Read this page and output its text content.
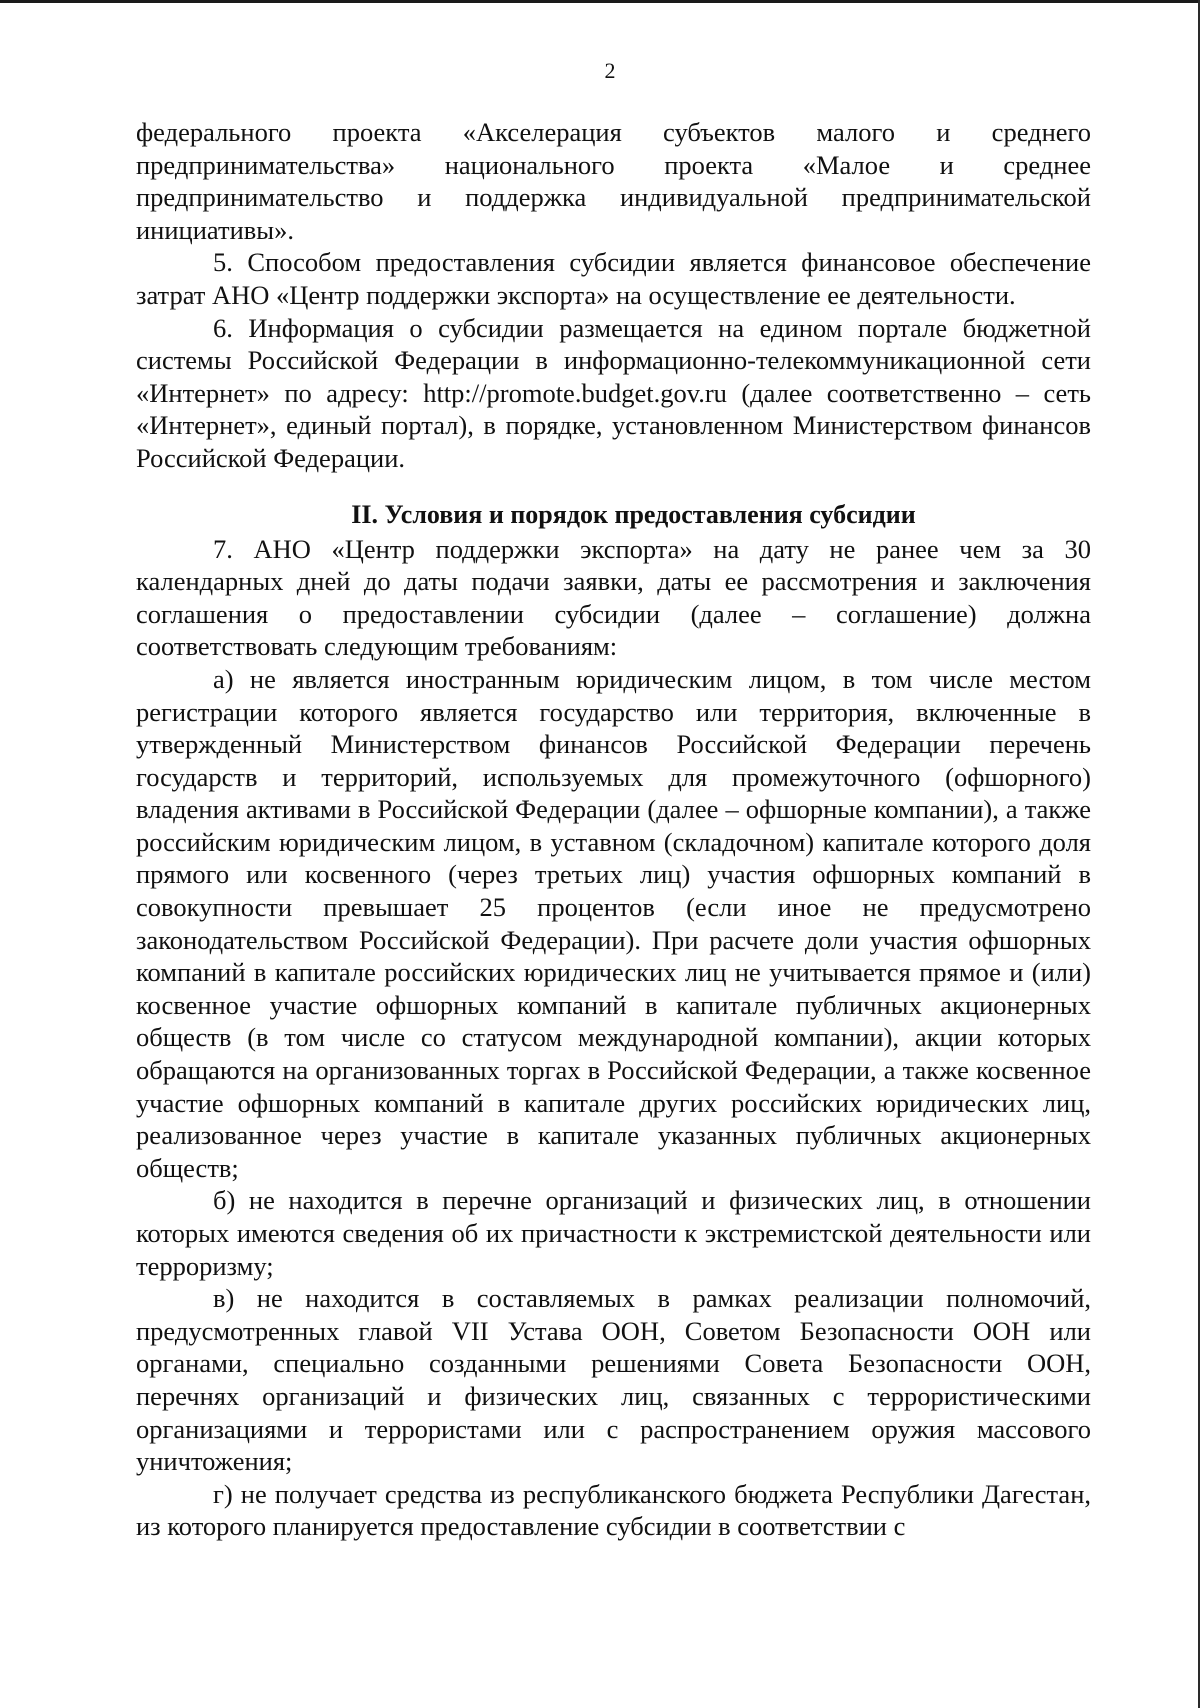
2

федерального проекта «Акселерация субъектов малого и среднего предпринимательства» национального проекта «Малое и среднее предпринимательство и поддержка индивидуальной предпринимательской инициативы».

5. Способом предоставления субсидии является финансовое обеспечение затрат АНО «Центр поддержки экспорта» на осуществление ее деятельности.

6. Информация о субсидии размещается на едином портале бюджетной системы Российской Федерации в информационно-телекоммуникационной сети «Интернет» по адресу: http://promote.budget.gov.ru (далее соответственно – сеть «Интернет», единый портал), в порядке, установленном Министерством финансов Российской Федерации.

II. Условия и порядок предоставления субсидии

7. АНО «Центр поддержки экспорта» на дату не ранее чем за 30 календарных дней до даты подачи заявки, даты ее рассмотрения и заключения соглашения о предоставлении субсидии (далее – соглашение) должна соответствовать следующим требованиям:

а) не является иностранным юридическим лицом, в том числе местом регистрации которого является государство или территория, включенные в утвержденный Министерством финансов Российской Федерации перечень государств и территорий, используемых для промежуточного (офшорного) владения активами в Российской Федерации (далее – офшорные компании), а также российским юридическим лицом, в уставном (складочном) капитале которого доля прямого или косвенного (через третьих лиц) участия офшорных компаний в совокупности превышает 25 процентов (если иное не предусмотрено законодательством Российской Федерации). При расчете доли участия офшорных компаний в капитале российских юридических лиц не учитывается прямое и (или) косвенное участие офшорных компаний в капитале публичных акционерных обществ (в том числе со статусом международной компании), акции которых обращаются на организованных торгах в Российской Федерации, а также косвенное участие офшорных компаний в капитале других российских юридических лиц, реализованное через участие в капитале указанных публичных акционерных обществ;

б) не находится в перечне организаций и физических лиц, в отношении которых имеются сведения об их причастности к экстремистской деятельности или терроризму;

в) не находится в составляемых в рамках реализации полномочий, предусмотренных главой VII Устава ООН, Советом Безопасности ООН или органами, специально созданными решениями Совета Безопасности ООН, перечнях организаций и физических лиц, связанных с террористическими организациями и террористами или с распространением оружия массового уничтожения;

г) не получает средства из республиканского бюджета Республики Дагестан, из которого планируется предоставление субсидии в соответствии с
